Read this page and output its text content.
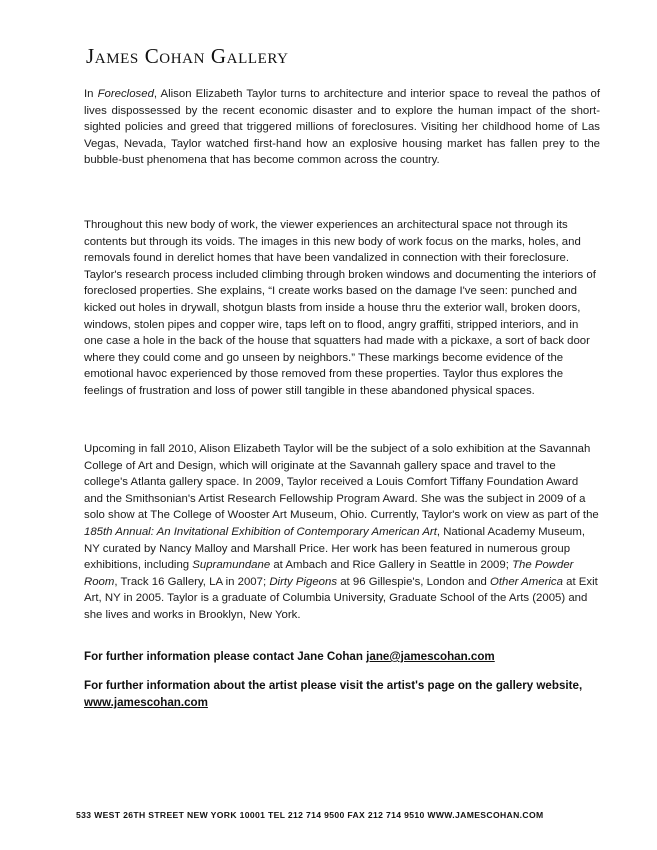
James Cohan Gallery
In Foreclosed, Alison Elizabeth Taylor turns to architecture and interior space to reveal the pathos of lives dispossessed by the recent economic disaster and to explore the human impact of the short-sighted policies and greed that triggered millions of foreclosures. Visiting her childhood home of Las Vegas, Nevada, Taylor watched first-hand how an explosive housing market has fallen prey to the bubble-bust phenomena that has become common across the country.
Throughout this new body of work, the viewer experiences an architectural space not through its contents but through its voids. The images in this new body of work focus on the marks, holes, and removals found in derelict homes that have been vandalized in connection with their foreclosure. Taylor's research process included climbing through broken windows and documenting the interiors of foreclosed properties. She explains, “I create works based on the damage I've seen: punched and kicked out holes in drywall, shotgun blasts from inside a house thru the exterior wall, broken doors, windows, stolen pipes and copper wire, taps left on to flood, angry graffiti, stripped interiors, and in one case a hole in the back of the house that squatters had made with a pickaxe, a sort of back door where they could come and go unseen by neighbors.” These markings become evidence of the emotional havoc experienced by those removed from these properties. Taylor thus explores the feelings of frustration and loss of power still tangible in these abandoned physical spaces.
Upcoming in fall 2010, Alison Elizabeth Taylor will be the subject of a solo exhibition at the Savannah College of Art and Design, which will originate at the Savannah gallery space and travel to the college's Atlanta gallery space. In 2009, Taylor received a Louis Comfort Tiffany Foundation Award and the Smithsonian's Artist Research Fellowship Program Award. She was the subject in 2009 of a solo show at The College of Wooster Art Museum, Ohio. Currently, Taylor's work on view as part of the 185th Annual: An Invitational Exhibition of Contemporary American Art, National Academy Museum, NY curated by Nancy Malloy and Marshall Price. Her work has been featured in numerous group exhibitions, including Supramundane at Ambach and Rice Gallery in Seattle in 2009; The Powder Room, Track 16 Gallery, LA in 2007; Dirty Pigeons at 96 Gillespie's, London and Other America at Exit Art, NY in 2005. Taylor is a graduate of Columbia University, Graduate School of the Arts (2005) and she lives and works in Brooklyn, New York.
For further information please contact Jane Cohan jane@jamescohan.com
For further information about the artist please visit the artist's page on the gallery website, www.jamescohan.com
533 WEST 26TH STREET NEW YORK 10001 TEL 212 714 9500 FAX 212 714 9510 WWW.JAMESCOHAN.COM
